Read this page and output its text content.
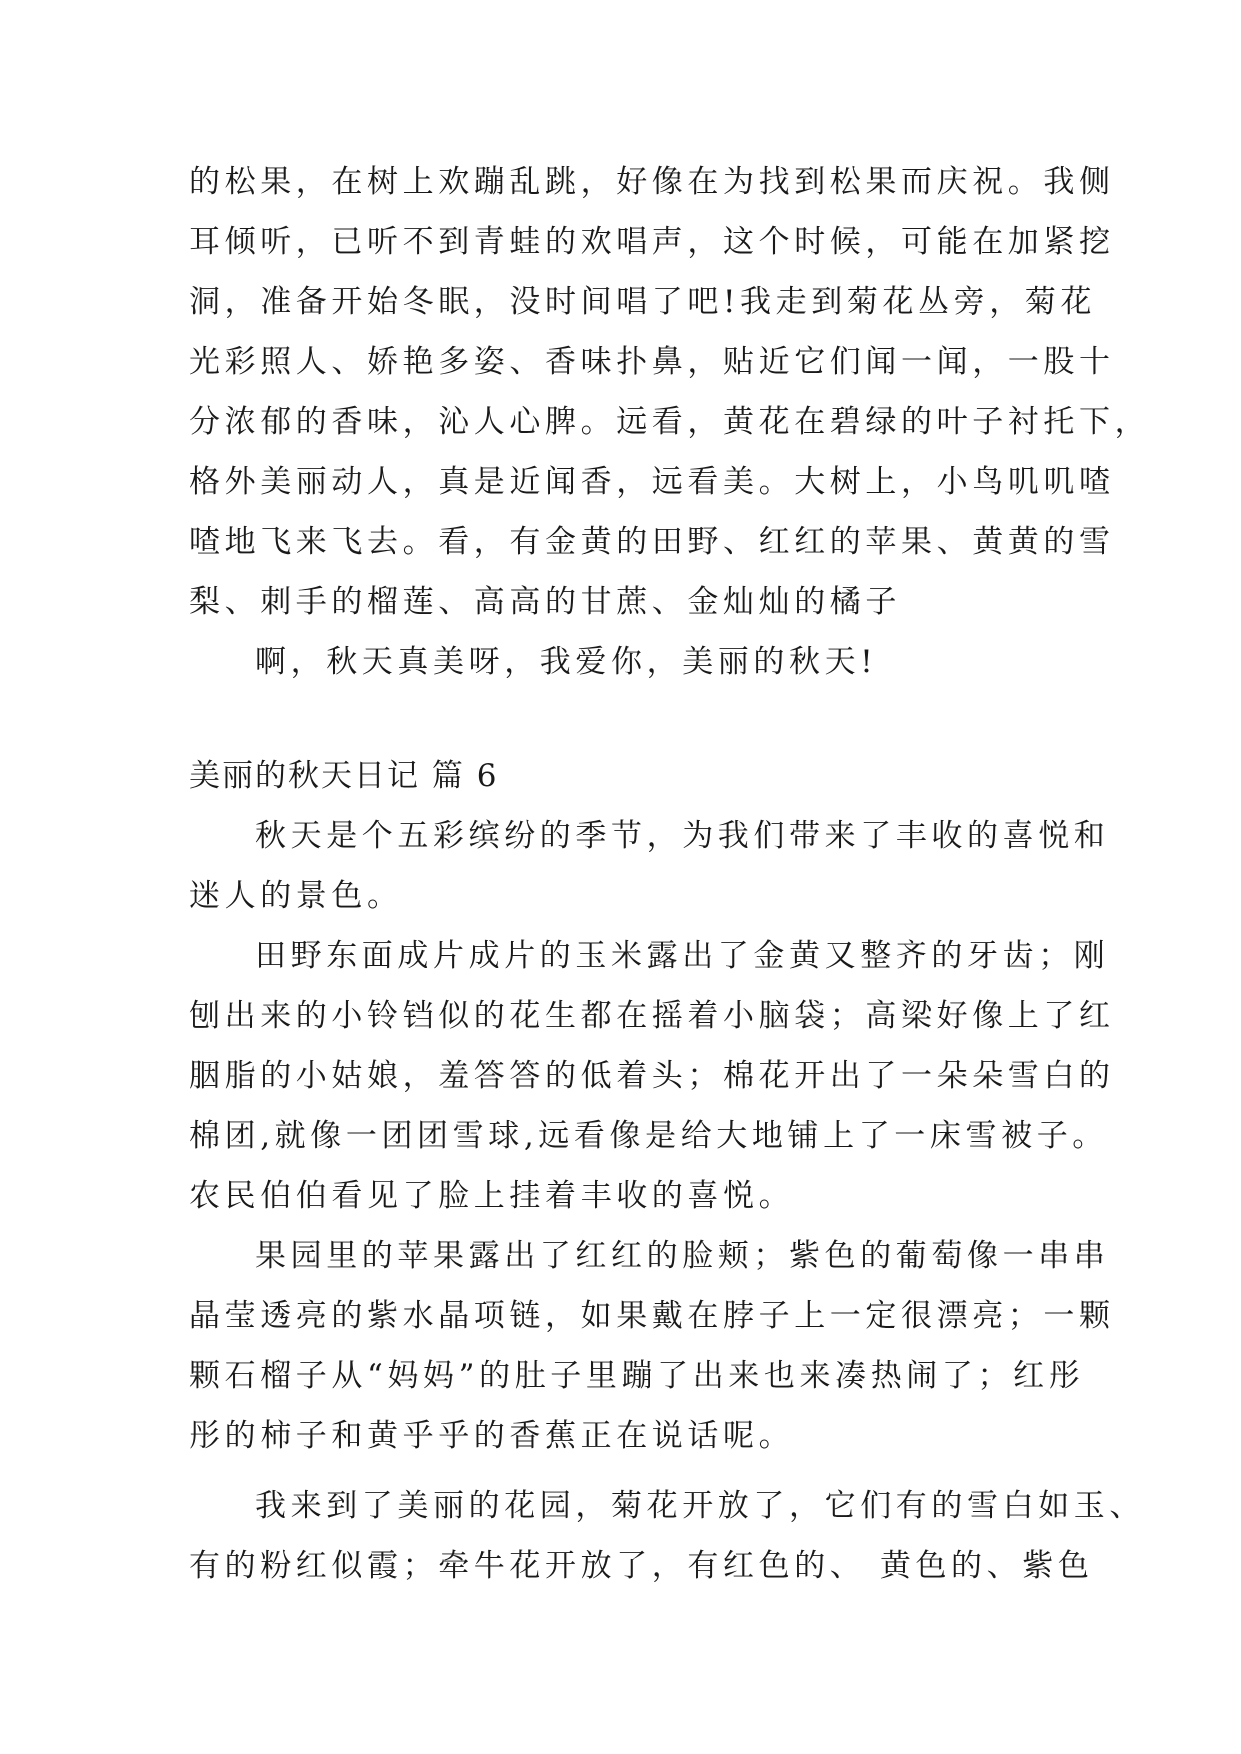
的松果，在树上欢蹦乱跳，好像在为找到松果而庆祝。我侧
耳倾听，已听不到青蛙的欢唱声，这个时候，可能在加紧挖
洞，准备开始冬眠，没时间唱了吧!我走到菊花丛旁，菊花
光彩照人、娇艳多姿、香味扑鼻，贴近它们闻一闻，一股十
分浓郁的香味，沁人心脾。远看，黄花在碧绿的叶子衬托下，
格外美丽动人，真是近闻香，远看美。大树上，小鸟叽叽喳
喳地飞来飞去。看，有金黄的田野、红红的苹果、黄黄的雪
梨、刺手的榴莲、高高的甘蔗、金灿灿的橘子
啊，秋天真美呀，我爱你，美丽的秋天!
美丽的秋天日记 篇 6
秋天是个五彩缤纷的季节，为我们带来了丰收的喜悦和
迷人的景色。
田野东面成片成片的玉米露出了金黄又整齐的牙齿；刚
刨出来的小铃铛似的花生都在摇着小脑袋；高梁好像上了红
胭脂的小姑娘，羞答答的低着头；棉花开出了一朵朵雪白的
棉团,就像一团团雪球,远看像是给大地铺上了一床雪被子。
农民伯伯看见了脸上挂着丰收的喜悦。
果园里的苹果露出了红红的脸颊；紫色的葡萄像一串串
晶莹透亮的紫水晶项链，如果戴在脖子上一定很漂亮；一颗
颗石榴子从“妈妈”的肚子里蹦了出来也来凑热闹了；红彤
彤的柿子和黄乎乎的香蕉正在说话呢。
我来到了美丽的花园，菊花开放了，它们有的雪白如玉、
有的粉红似霞；牵牛花开放了，有红色的、 黄色的、紫色
